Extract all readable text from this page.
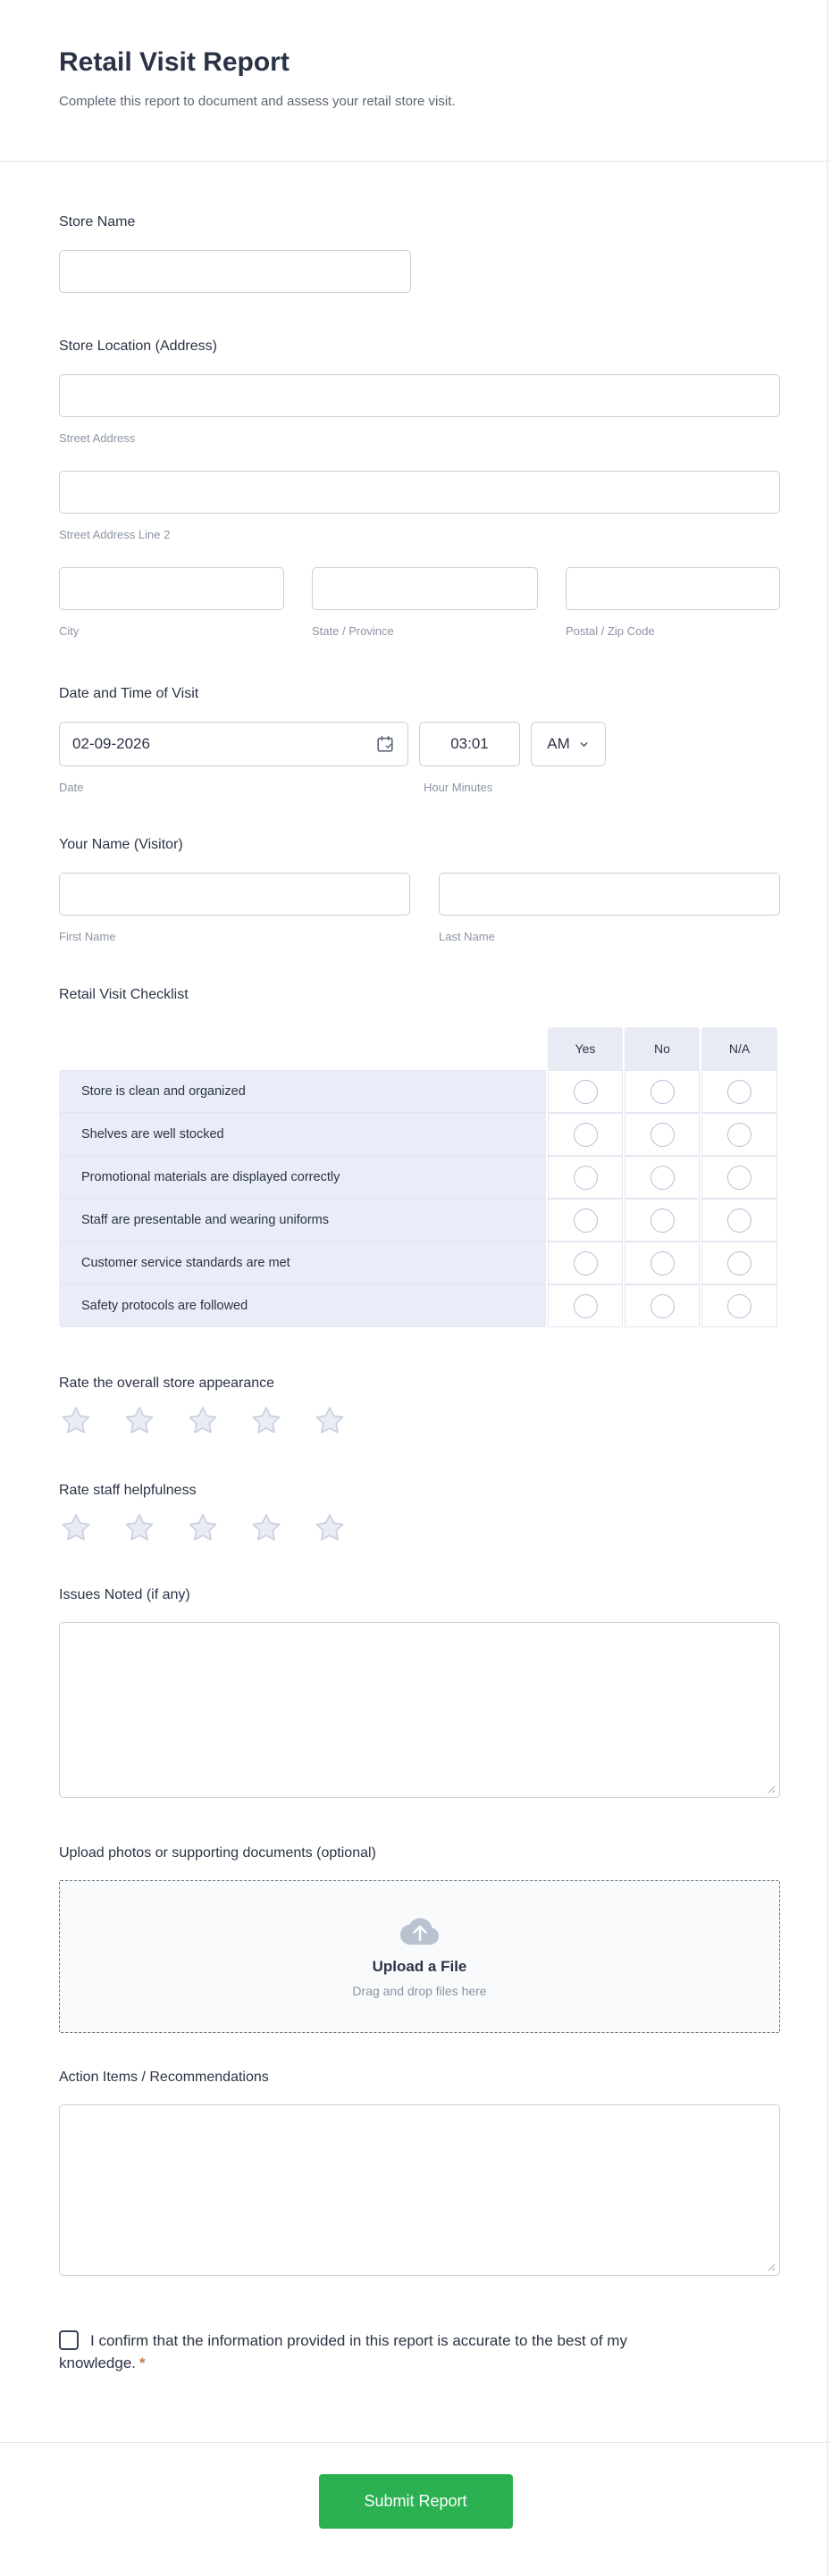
Retail Visit Report
Complete this report to document and assess your retail store visit.
Store Name
Store Location (Address)
Street Address
Street Address Line 2
City	State / Province	Postal / Zip Code
Date and Time of Visit
02-09-2026	03:01	AM
Date	Hour Minutes
Your Name (Visitor)
First Name	Last Name
Retail Visit Checklist
Yes	No	N/A
Store is clean and organized
Shelves are well stocked
Promotional materials are displayed correctly
Staff are presentable and wearing uniforms
Customer service standards are met
Safety protocols are followed
Rate the overall store appearance
Rate staff helpfulness
Issues Noted (if any)
Upload photos or supporting documents (optional)
Upload a File
Drag and drop files here
Action Items / Recommendations
I confirm that the information provided in this report is accurate to the best of my knowledge. *
Submit Report
